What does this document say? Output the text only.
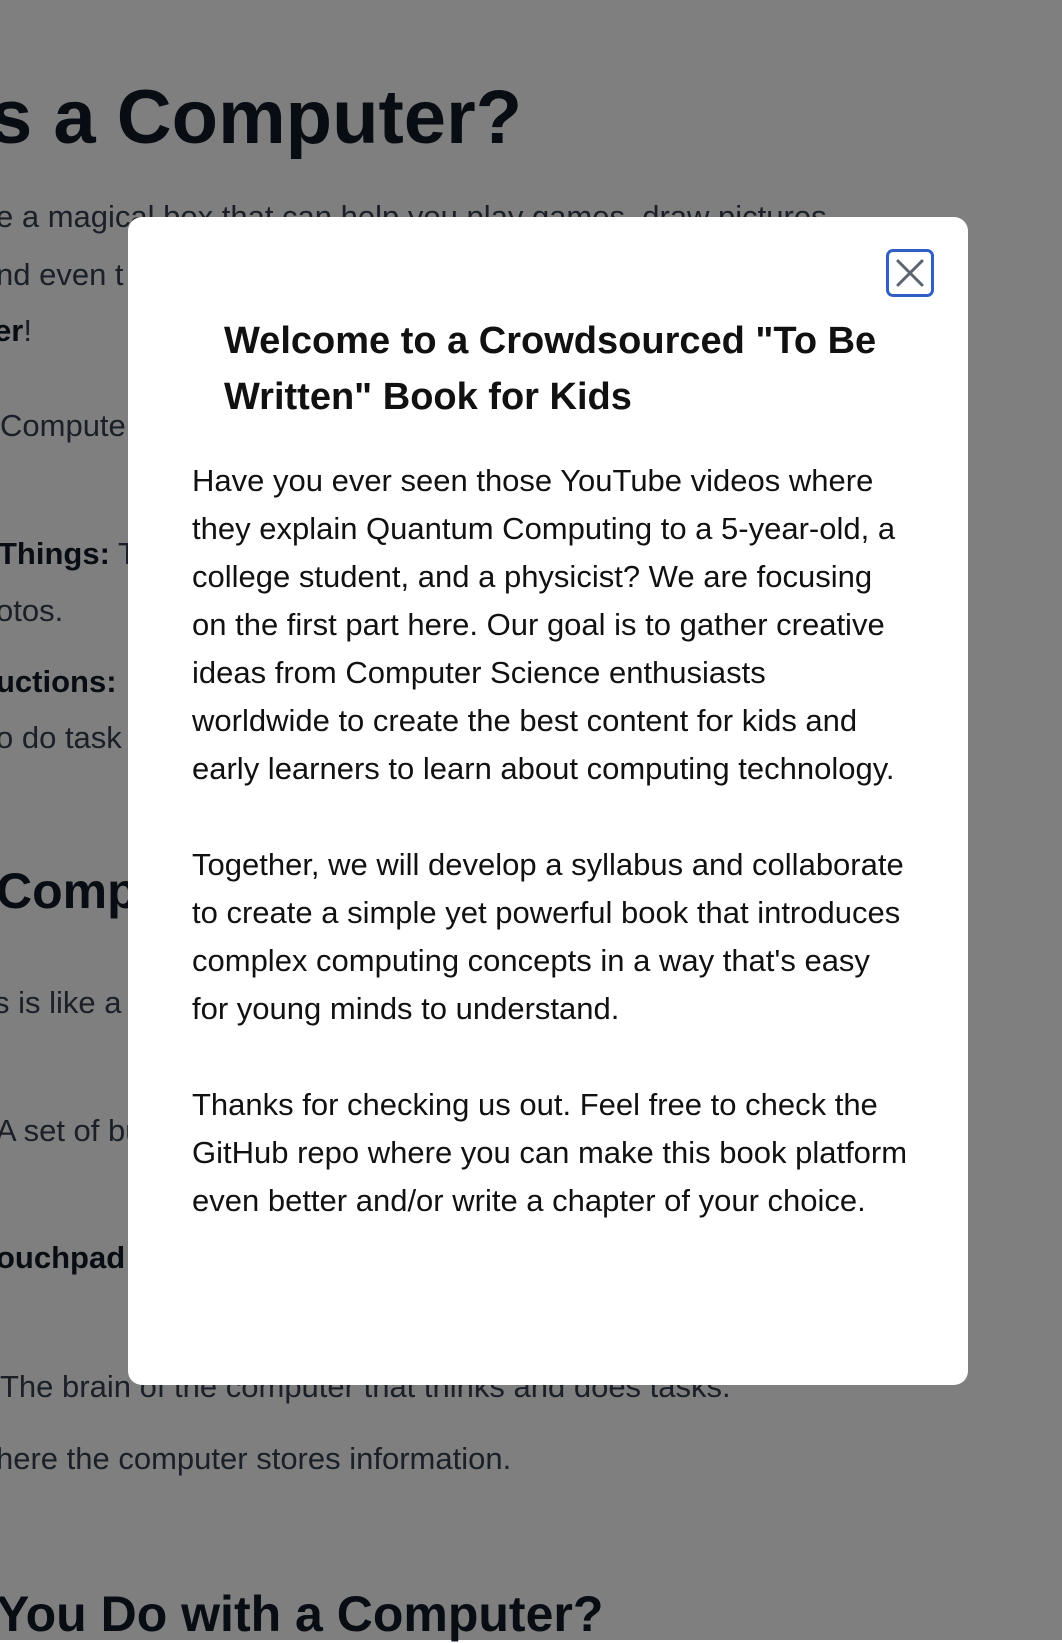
Welcome to a Crowdsourced "To Be Written" Book for Kids

Have you ever seen those YouTube videos where they explain Quantum Computing to a 5-year-old, a college student, and a physicist? We are focusing on the first part here. Our goal is to gather creative ideas from Computer Science enthusiasts worldwide to create the best content for kids and early learners to learn about computing technology.

Together, we will develop a syllabus and collaborate to create a simple yet powerful book that introduces complex computing concepts in a way that's easy for young minds to understand.

Thanks for checking us out. Feel free to check the GitHub repo where you can make this book platform even better and/or write a chapter of your choice.
